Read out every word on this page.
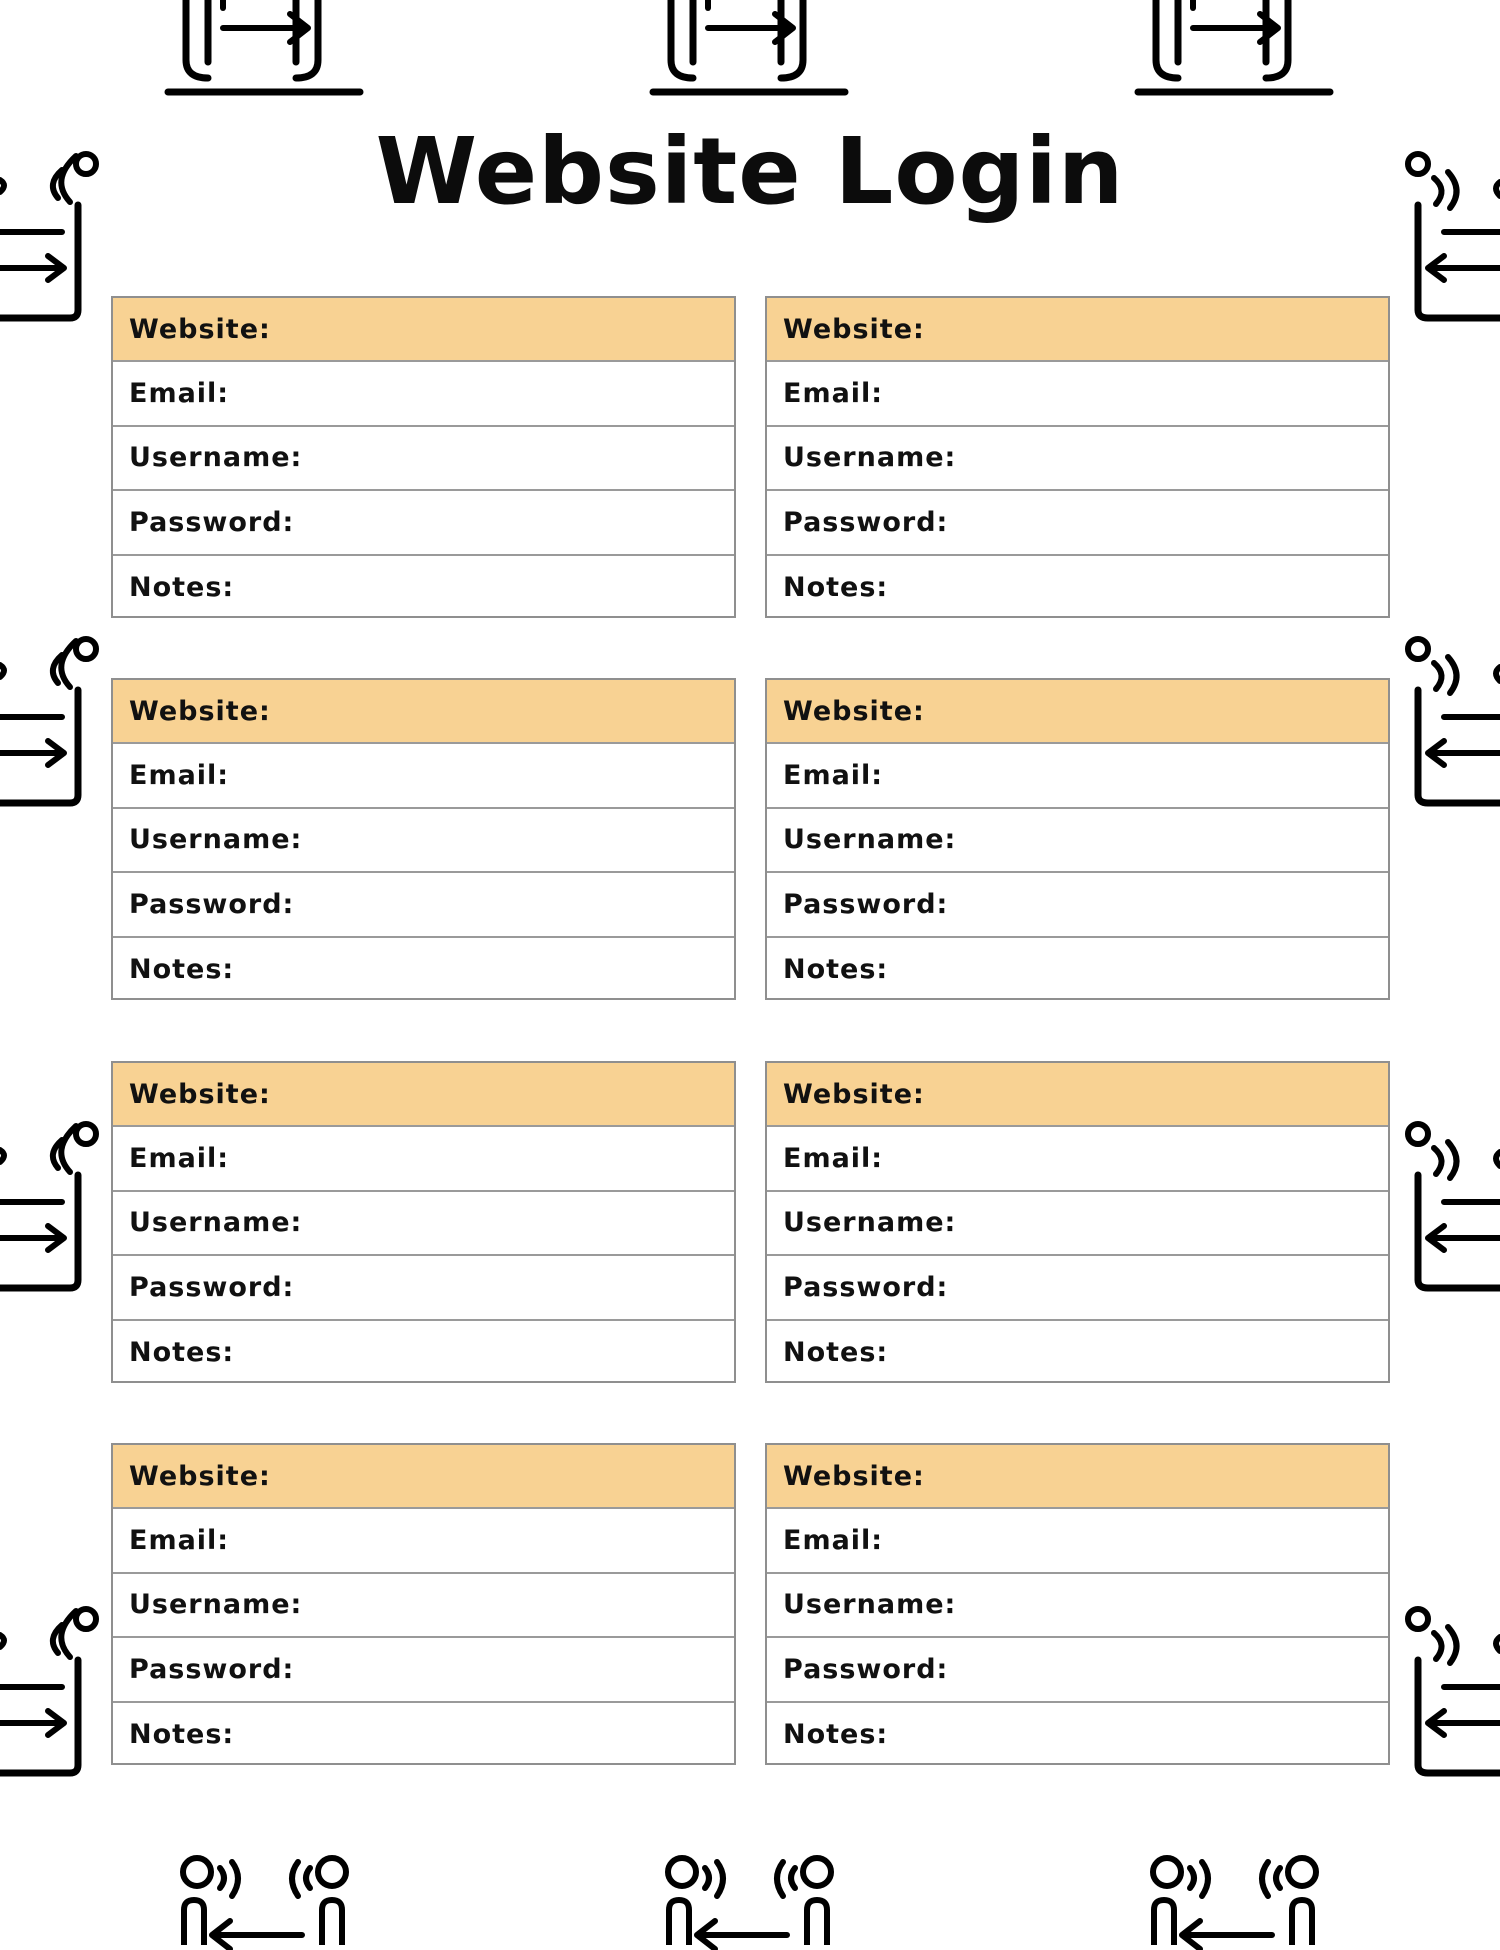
Website Login
Website:
Email:
Username:
Password:
Notes:
Website:
Email:
Username:
Password:
Notes:
Website:
Email:
Username:
Password:
Notes:
Website:
Email:
Username:
Password:
Notes:
Website:
Email:
Username:
Password:
Notes:
Website:
Email:
Username:
Password:
Notes:
Website:
Email:
Username:
Password:
Notes:
Website:
Email:
Username:
Password:
Notes:
